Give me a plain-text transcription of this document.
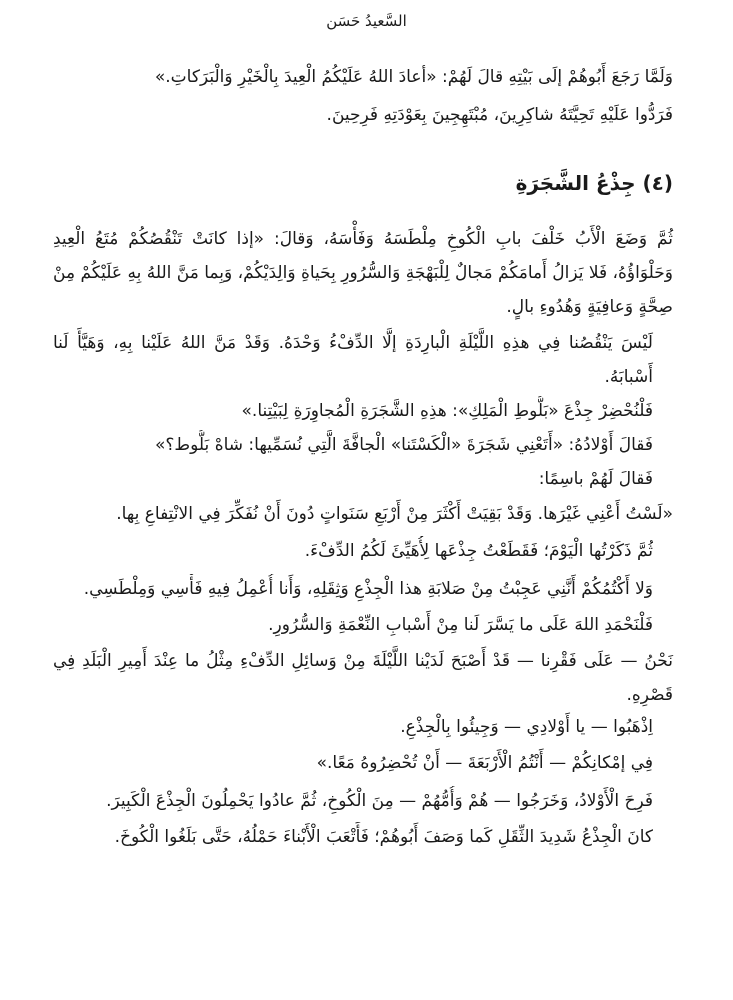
السَّعيدُ حَسَن

وَلَمَّا رَجَعَ أَبُوهُمْ إلَى بَيْتِهِ قالَ لَهُمْ: «أعادَ اللهُ عَلَيْكُمُ الْعِيدَ بِالْخَيْرِ وَالْبَرَكاتِ.»

فَرَدُّوا عَلَيْهِ تَحِيَّتَهُ شاكِرِينَ، مُبْتَهِجِينَ بِعَوْدَتِهِ فَرِحِينَ.

(٤) جِذْعُ الشَّجَرَةِ

ثُمَّ وَضَعَ الْأَبُ خَلْفَ بابِ الْكُوخِ مِلْطَسَهُ وَفَأْسَهُ، وَقالَ: «إذا كانَتْ تَنْقُصُكُمْ مُتَعُ الْعِيدِ وَحَلْوَاؤُهُ، فَلا يَزالُ أَمامَكُمْ مَجالٌ لِلْبَهْجَةِ وَالسُّرُورِ بِحَياةِ وَالِدَيْكُمْ، وَبِما مَنَّ اللهُ بِهِ عَلَيْكُمْ مِنْ صِحَّةٍ وَعافِيَةٍ وَهُدُوءِ بالٍ.

لَيْسَ يَنْقُصُنا فِي هذِهِ اللَّيْلَةِ الْبارِدَةِ إلَّا الدِّفْءُ وَحْدَهُ. وَقَدْ مَنَّ اللهُ عَلَيْنا بِهِ، وَهَيَّأَ لَنا أَسْبابَهُ.

فَلْنُحْضِرْ جِذْعَ «بَلُّوطِ الْمَلِكِ»: هذِهِ الشَّجَرَةِ الْمُجاوِرَةِ لِبَيْتِنا.»

فَقالَ أَوْلادُهُ: «أَتَعْنِي شَجَرَةَ «الْكَسْتَنا» الْجافَّةَ الَّتِي نُسَمِّيها: شاهْ بَلُّوط؟»

فَقالَ لَهُمْ باسِمًا:

«لَسْتُ أَعْنِي غَيْرَها. وَقَدْ بَقِيَتْ أَكْثَرَ مِنْ أَرْبَعِ سَنَواتٍ دُونَ أَنْ نُفَكِّرَ فِي الانْتِفاعِ بِها.

ثُمَّ ذَكَرْتُها الْيَوْمَ؛ فَقَطَعْتُ جِذْعَها لِأُهَيِّئَ لَكُمُ الدِّفْءَ.

وَلا أَكْتُمُكُمْ أَنَّنِي عَجِبْتُ مِنْ صَلابَةِ هذا الْجِذْعِ وَثِقَلِهِ، وَأَنا أُعْمِلُ فِيهِ فَأْسِي وَمِلْطَسِي.

فَلْنَحْمَدِ اللهَ عَلَى ما يَسَّرَ لَنا مِنْ أَسْبابِ النِّعْمَةِ وَالسُّرُورِ.

نَحْنُ — عَلَى فَقْرِنا — قَدْ أَصْبَحَ لَدَيْنا اللَّيْلَةَ مِنْ وَسائِلِ الدِّفْءِ مِثْلُ ما عِنْدَ أَمِيرِ الْبَلَدِ فِي قَصْرِهِ.

اِذْهَبُوا — يا أَوْلادِي — وَجِيئُوا بِالْجِذْعِ.

فِي إمْكانِكُمْ — أَنْتُمُ الْأَرْبَعَةَ — أَنْ تُحْضِرُوهُ مَعًا.»

فَرِحَ الْأَوْلادُ، وَخَرَجُوا — هُمْ وَأُمُّهُمْ — مِنَ الْكُوخِ، ثُمَّ عادُوا يَحْمِلُونَ الْجِذْعَ الْكَبِيرَ.

كانَ الْجِذْعُ شَدِيدَ الثِّقَلِ كَما وَصَفَ أَبُوهُمْ؛ فَأَتْعَبَ الْأَبْناءَ حَمْلُهُ، حَتَّى بَلَغُوا الْكُوخَ.
